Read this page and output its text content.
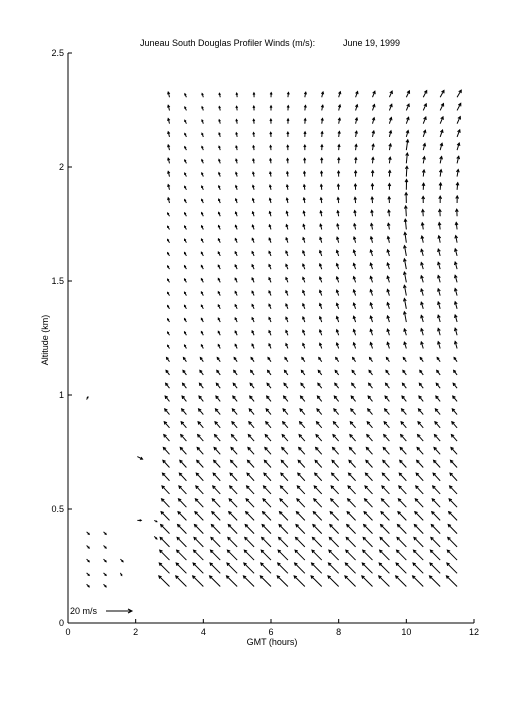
Juneau South Douglas Profiler Winds (m/s):	June 19, 1999
0	2	4	6	8	10	12
0
0.5
1
1.5
2
2.5
GMT (hours)
Altitude (km)
20 m/s
